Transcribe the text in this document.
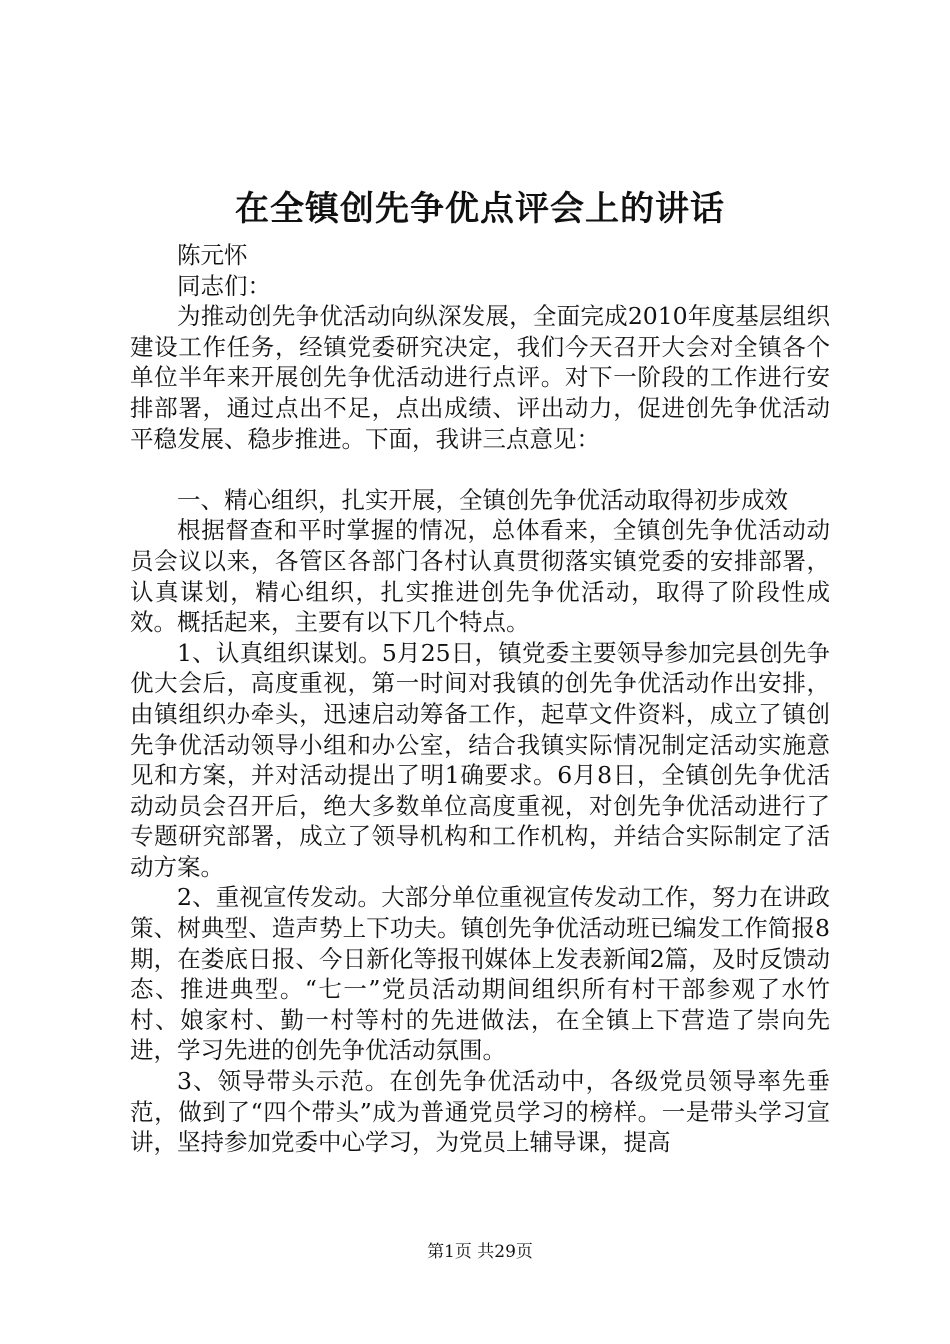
在全镇创先争优点评会上的讲话

陈元怀

同志们：

为推动创先争优活动向纵深发展，全面完成2010年度基层组织建设工作任务，经镇党委研究决定，我们今天召开大会对全镇各个单位半年来开展创先争优活动进行点评。对下一阶段的工作进行安排部署，通过点出不足，点出成绩、评出动力，促进创先争优活动平稳发展、稳步推进。下面，我讲三点意见：

一、精心组织，扎实开展，全镇创先争优活动取得初步成效

根据督查和平时掌握的情况，总体看来，全镇创先争优活动动员会议以来，各管区各部门各村认真贯彻落实镇党委的安排部署，认真谋划，精心组织，扎实推进创先争优活动，取得了阶段性成效。概括起来，主要有以下几个特点。

1、认真组织谋划。5月25日，镇党委主要领导参加完县创先争优大会后，高度重视，第一时间对我镇的创先争优活动作出安排，由镇组织办牵头，迅速启动筹备工作，起草文件资料，成立了镇创先争优活动领导小组和办公室，结合我镇实际情况制定活动实施意见和方案，并对活动提出了明1确要求。6月8日，全镇创先争优活动动员会召开后，绝大多数单位高度重视，对创先争优活动进行了专题研究部署，成立了领导机构和工作机构，并结合实际制定了活动方案。

2、重视宣传发动。大部分单位重视宣传发动工作，努力在讲政策、树典型、造声势上下功夫。镇创先争优活动班已编发工作简报8期，在娄底日报、今日新化等报刊媒体上发表新闻2篇，及时反馈动态、推进典型。“七一”党员活动期间组织所有村干部参观了水竹村、娘家村、勤一村等村的先进做法，在全镇上下营造了崇向先进，学习先进的创先争优活动氛围。

3、领导带头示范。在创先争优活动中，各级党员领导率先垂范，做到了“四个带头”成为普通党员学习的榜样。一是带头学习宣讲，坚持参加党委中心学习，为党员上辅导课，提高

第1页 共29页
